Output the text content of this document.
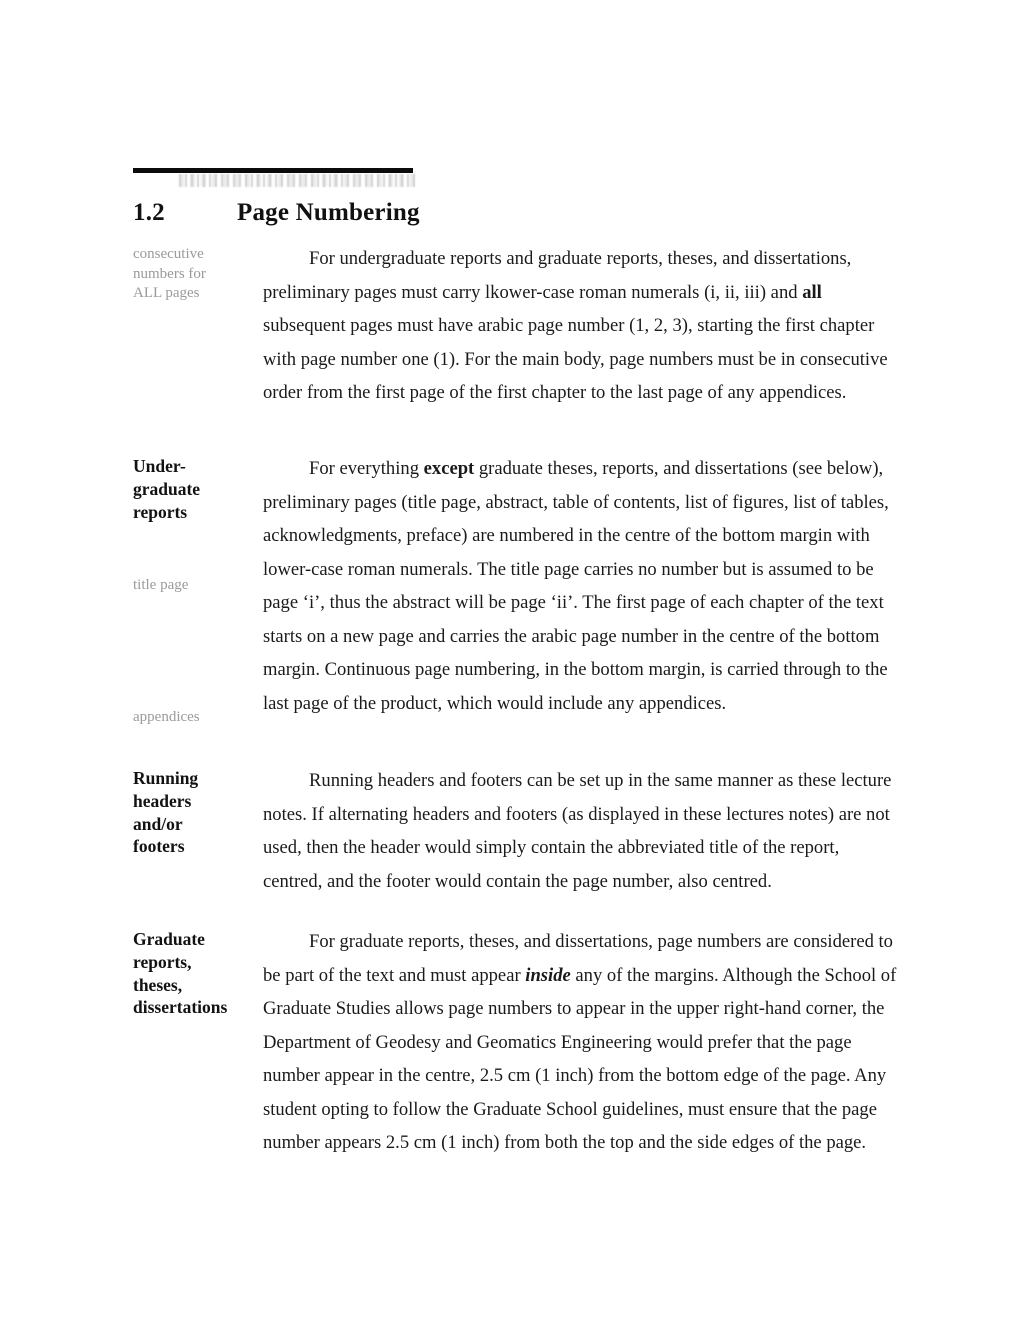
1.2	Page Numbering
consecutive
numbers for
ALL pages

For undergraduate reports and graduate reports, theses, and dissertations, preliminary pages must carry lkower-case roman numerals (i, ii, iii) and all subsequent pages must have arabic page number (1, 2, 3), starting the first chapter with page number one (1). For the main body, page numbers must be in consecutive order from the first page of the first chapter to the last page of any appendices.

Under-
graduate
reports
title page
appendices

For everything except graduate theses, reports, and dissertations (see below), preliminary pages (title page, abstract, table of contents, list of figures, list of tables, acknowledgments, preface) are numbered in the centre of the bottom margin with lower-case roman numerals. The title page carries no number but is assumed to be page ‘i’, thus the abstract will be page ‘ii’. The first page of each chapter of the text starts on a new page and carries the arabic page number in the centre of the bottom margin. Continuous page numbering, in the bottom margin, is carried through to the last page of the product, which would include any appendices.

Running
headers
and/or
footers

Running headers and footers can be set up in the same manner as these lecture notes. If alternating headers and footers (as displayed in these lectures notes) are not used, then the header would simply contain the abbreviated title of the report, centred, and the footer would contain the page number, also centred.

Graduate
reports,
theses,
dissertations

For graduate reports, theses, and dissertations, page numbers are considered to be part of the text and must appear inside any of the margins. Although the School of Graduate Studies allows page numbers to appear in the upper right-hand corner, the Department of Geodesy and Geomatics Engineering would prefer that the page number appear in the centre, 2.5 cm (1 inch) from the bottom edge of the page. Any student opting to follow the Graduate School guidelines, must ensure that the page number appears 2.5 cm (1 inch) from both the top and the side edges of the page.
